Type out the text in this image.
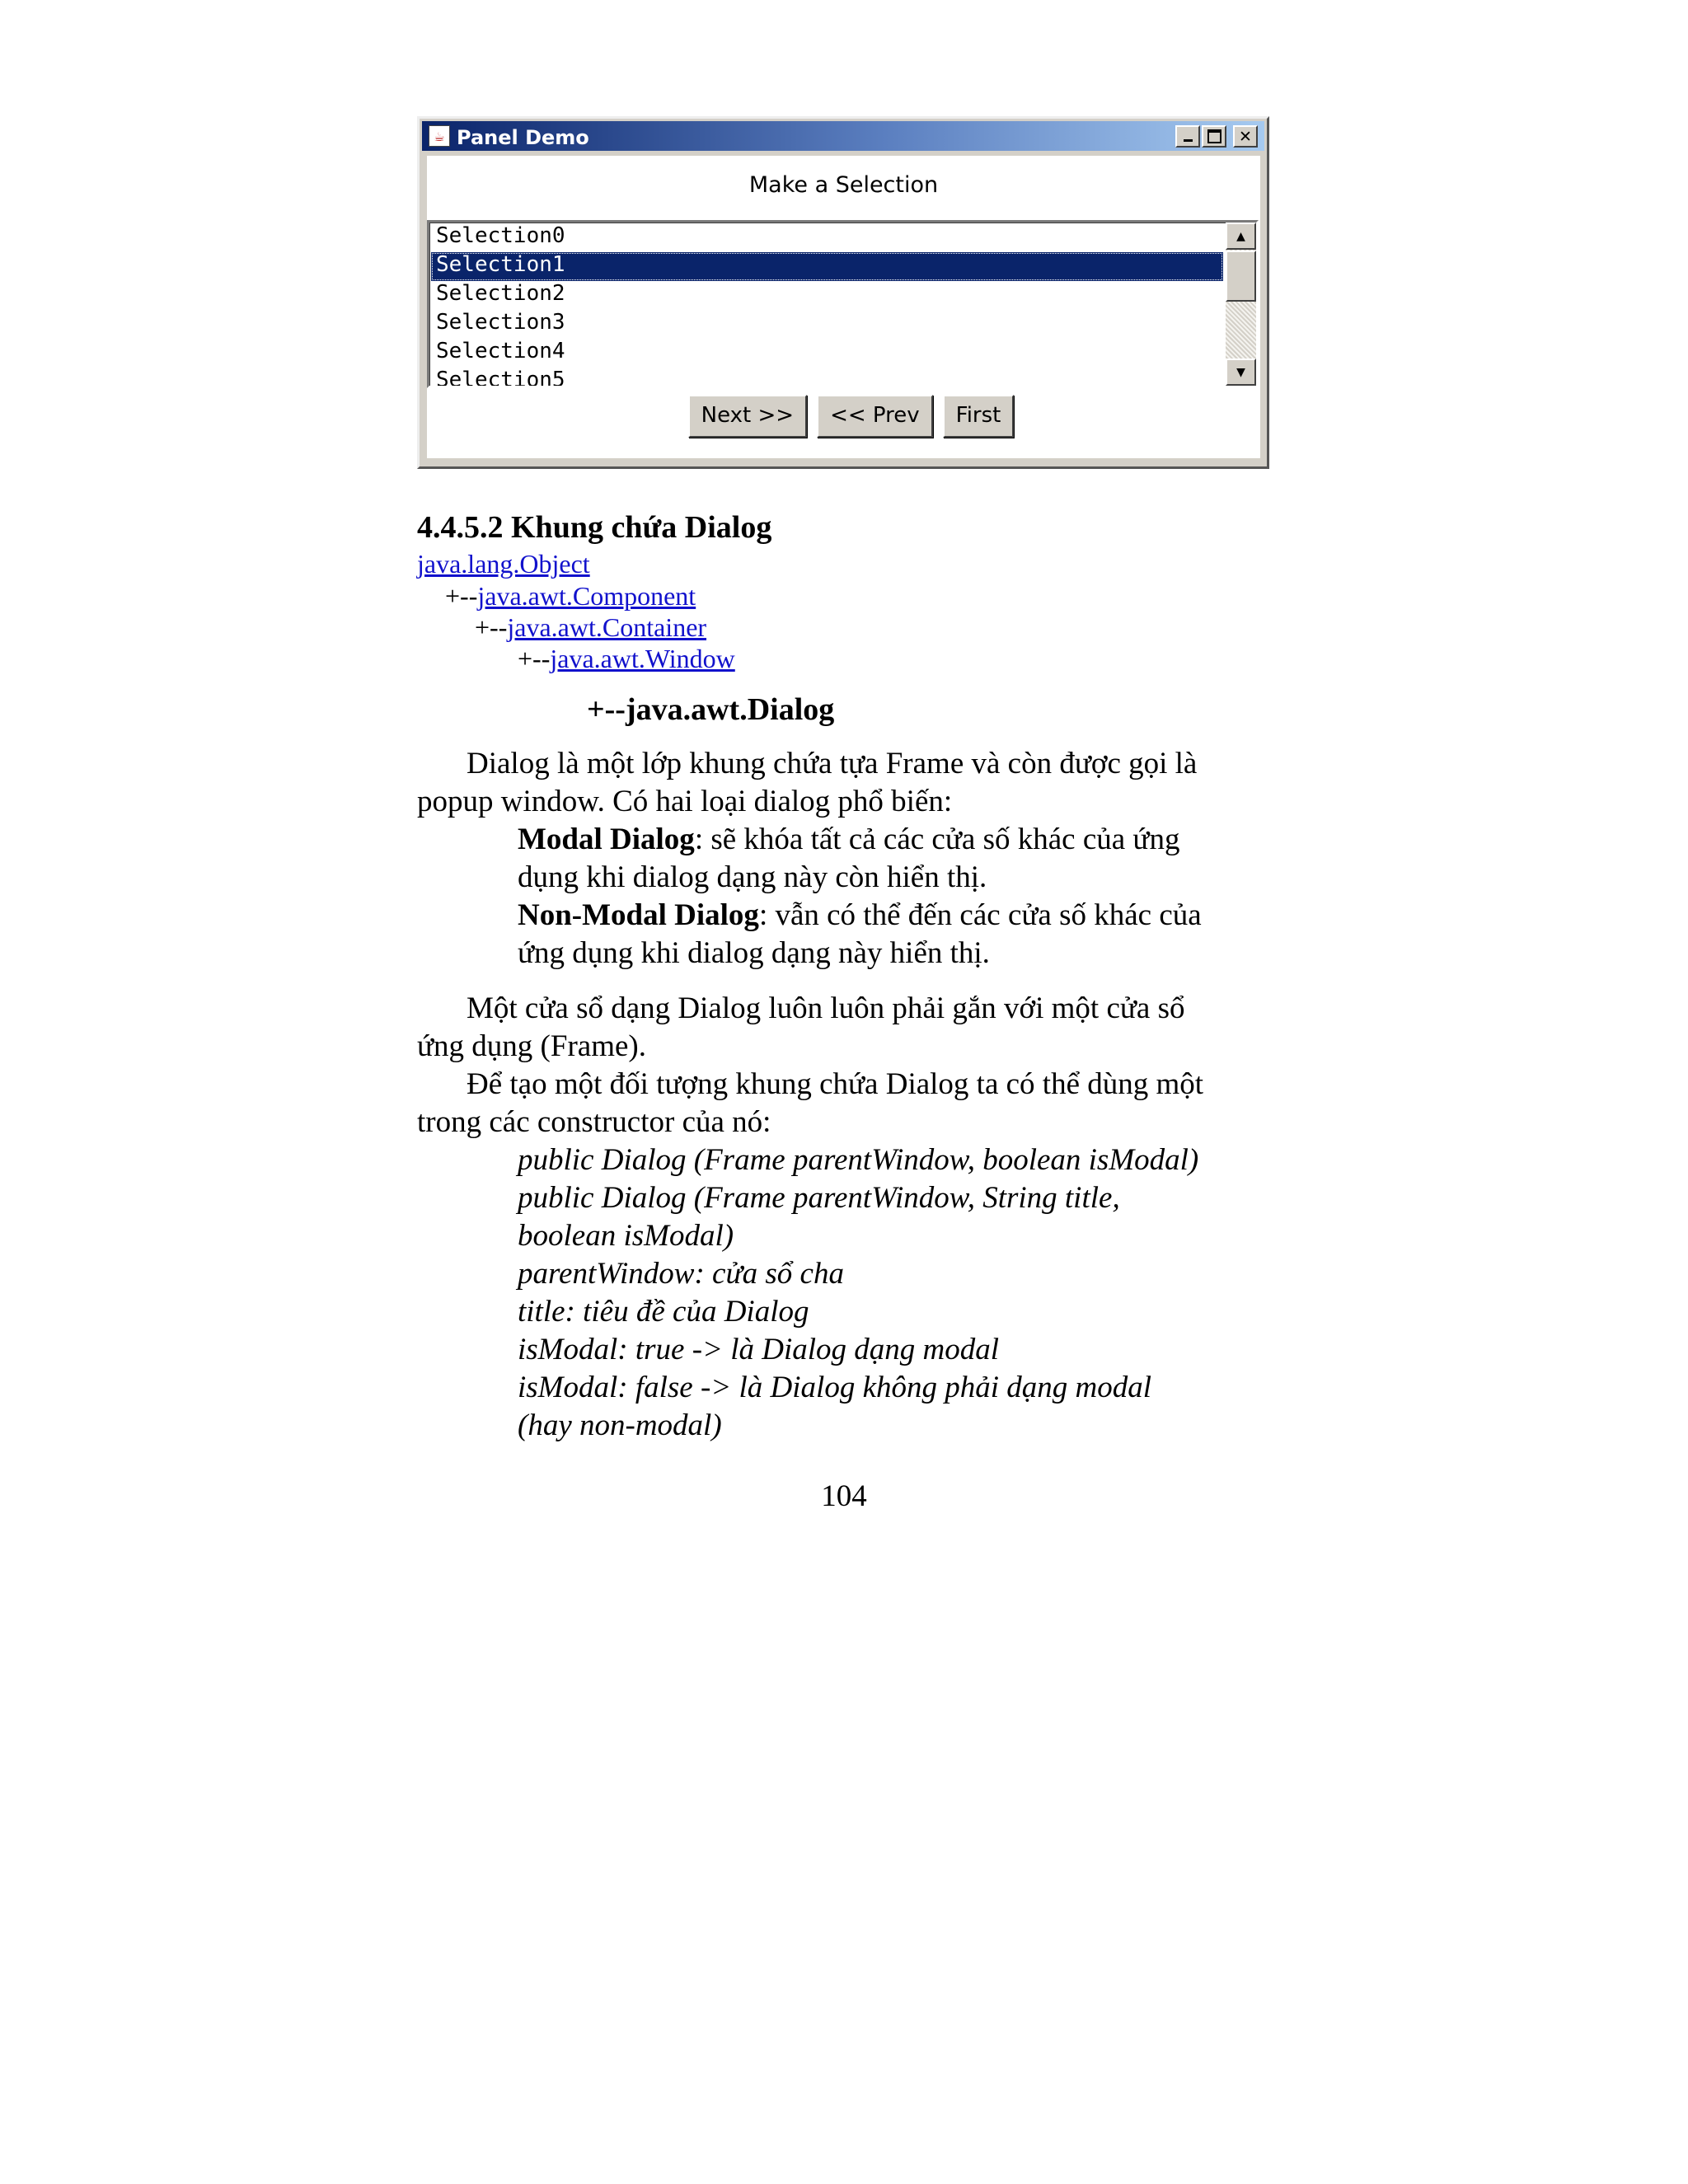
☕ Panel Demo	✕
Make a Selection
Selection0
Selection1
Selection2
Selection3
Selection4
Selection5
▲
▼
Next >>	<< Prev	First
4.4.5.2 Khung chứa Dialog
java.lang.Object
+--java.awt.Component
+--java.awt.Container
+--java.awt.Window
+--java.awt.Dialog
Dialog là một lớp khung chứa tựa Frame và còn được gọi là
popup window. Có hai loại dialog phổ biến:
Modal Dialog: sẽ khóa tất cả các cửa số khác của ứng
dụng khi dialog dạng này còn hiển thị.
Non-Modal Dialog: vẫn có thể đến các cửa số khác của
ứng dụng khi dialog dạng này hiển thị.
Một cửa sổ dạng Dialog luôn luôn phải gắn với một cửa sổ
ứng dụng (Frame).
Để tạo một đối tượng khung chứa Dialog ta có thể dùng một
trong các constructor của nó:
public Dialog (Frame parentWindow, boolean isModal)
public Dialog (Frame parentWindow, String title,
boolean isModal)
parentWindow: cửa sổ cha
title: tiêu đề của Dialog
isModal: true -> là Dialog dạng modal
isModal: false -> là Dialog không phải dạng modal
(hay non-modal)
104
